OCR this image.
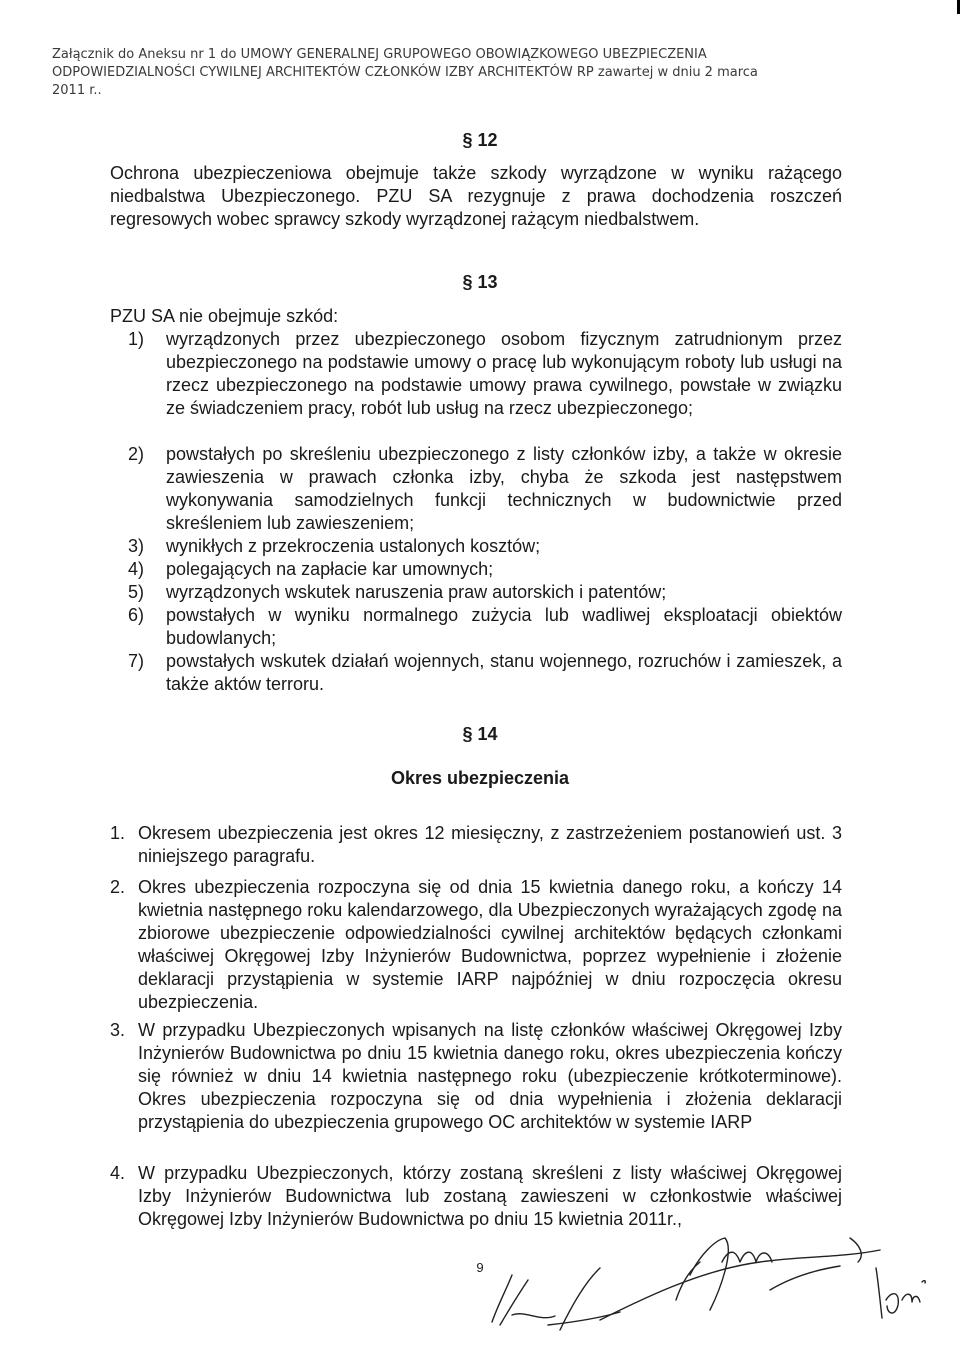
Załącznik do Aneksu nr 1 do UMOWY GENERALNEJ GRUPOWEGO OBOWIĄZKOWEGO UBEZPIECZENIA
ODPOWIEDZIALNOŚCI CYWILNEJ ARCHITEKTÓW CZŁONKÓW IZBY ARCHITEKTÓW RP zawartej w dniu 2 marca
2011 r..
§ 12
Ochrona ubezpieczeniowa obejmuje także szkody wyrządzone w wyniku rażącego niedbalstwa Ubezpieczonego. PZU SA rezygnuje z prawa dochodzenia roszczeń regresowych wobec sprawcy szkody wyrządzonej rażącym niedbalstwem.
§ 13
PZU SA nie obejmuje szkód:
1) wyrządzonych przez ubezpieczonego osobom fizycznym zatrudnionym przez ubezpieczonego na podstawie umowy o pracę lub wykonującym roboty lub usługi na rzecz ubezpieczonego na podstawie umowy prawa cywilnego, powstałe w związku ze świadczeniem pracy, robót lub usług na rzecz ubezpieczonego;
2) powstałych po skreśleniu ubezpieczonego z listy członków izby, a także w okresie zawieszenia w prawach członka izby, chyba że szkoda jest następstwem wykonywania samodzielnych funkcji technicznych w budownictwie przed skreśleniem lub zawieszeniem;
3) wynikłych z przekroczenia ustalonych kosztów;
4) polegających na zapłacie kar umownych;
5) wyrządzonych wskutek naruszenia praw autorskich i patentów;
6) powstałych w wyniku normalnego zużycia lub wadliwej eksploatacji obiektów budowlanych;
7) powstałych wskutek działań wojennych, stanu wojennego, rozruchów i zamieszek, a także aktów terroru.
§ 14
Okres ubezpieczenia
1. Okresem ubezpieczenia jest okres 12 miesięczny, z zastrzeżeniem postanowień ust. 3 niniejszego paragrafu.
2. Okres ubezpieczenia rozpoczyna się od dnia 15 kwietnia danego roku, a kończy 14 kwietnia następnego roku kalendarzowego, dla Ubezpieczonych wyrażających zgodę na zbiorowe ubezpieczenie odpowiedzialności cywilnej architektów będących członkami właściwej Okręgowej Izby Inżynierów Budownictwa, poprzez wypełnienie i złożenie deklaracji przystąpienia w systemie IARP najpóźniej w dniu rozpoczęcia okresu ubezpieczenia.
3. W przypadku Ubezpieczonych wpisanych na listę członków właściwej Okręgowej Izby Inżynierów Budownictwa po dniu 15 kwietnia danego roku, okres ubezpieczenia kończy się również w dniu 14 kwietnia następnego roku (ubezpieczenie krótkoterminowe). Okres ubezpieczenia rozpoczyna się od dnia wypełnienia i złożenia deklaracji przystąpienia do ubezpieczenia grupowego OC architektów w systemie IARP
4. W przypadku Ubezpieczonych, którzy zostaną skreśleni z listy właściwej Okręgowej Izby Inżynierów Budownictwa lub zostaną zawieszeni w członkostwie właściwej Okręgowej Izby Inżynierów Budownictwa po dniu 15 kwietnia 2011r.,
9
